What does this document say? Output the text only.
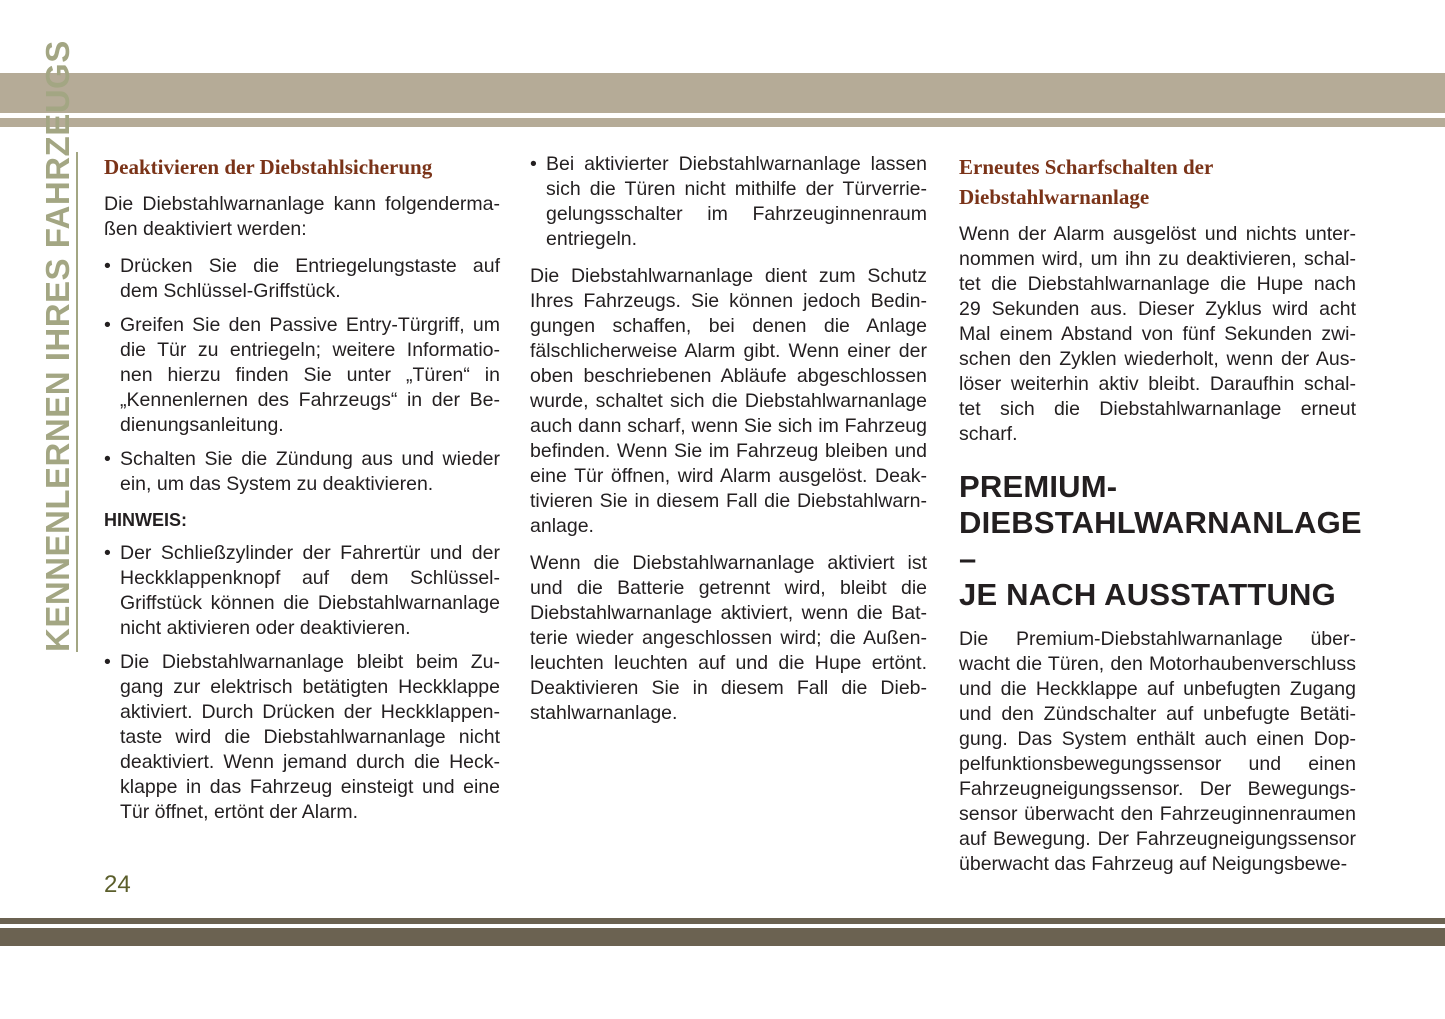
KENNENLERNEN IHRES FAHRZEUGS Deaktivieren der Diebstahlsicherung

Die Diebstahlwarnanlage kann folgenderma-ßen deaktiviert werden:

• Drücken Sie die Entriegelungstaste auf dem Schlüssel-Griffstück.
• Greifen Sie den Passive Entry-Türgriff, um die Tür zu entriegeln; weitere Informatio-nen hierzu finden Sie unter „Türen“ in „Kennenlernen des Fahrzeugs“ in der Be-dienungsanleitung.
• Schalten Sie die Zündung aus und wieder ein, um das System zu deaktivieren.
HINWEIS:
• Der Schließzylinder der Fahrertür und der Heckklappenknopf auf dem Schlüssel-Griffstück können die Diebstahlwarnanlage nicht aktivieren oder deaktivieren.
• Die Diebstahlwarnanlage bleibt beim Zu-gang zur elektrisch betätigten Heckklappe aktiviert. Durch Drücken der Heckklappen-taste wird die Diebstahlwarnanlage nicht deaktiviert. Wenn jemand durch die Heck-klappe in das Fahrzeug einsteigt und eine Tür öffnet, ertönt der Alarm.
• Bei aktivierter Diebstahlwarnanlage lassen sich die Türen nicht mithilfe der Türverrie-gelungsschalter im Fahrzeuginnenraum entriegeln.

Die Diebstahlwarnanlage dient zum Schutz Ihres Fahrzeugs. Sie können jedoch Bedin-gungen schaffen, bei denen die Anlage fälschlicherweise Alarm gibt. Wenn einer der oben beschriebenen Abläufe abgeschlossen wurde, schaltet sich die Diebstahlwarnanlage auch dann scharf, wenn Sie sich im Fahrzeug befinden. Wenn Sie im Fahrzeug bleiben und eine Tür öffnen, wird Alarm ausgelöst. Deak-tivieren Sie in diesem Fall die Diebstahlwarn-anlage.

Wenn die Diebstahlwarnanlage aktiviert ist und die Batterie getrennt wird, bleibt die Diebstahlwarnanlage aktiviert, wenn die Bat-terie wieder angeschlossen wird; die Außen-leuchten leuchten auf und die Hupe ertönt. Deaktivieren Sie in diesem Fall die Dieb-stahlwarnanlage.

Erneutes Scharfschalten der Diebstahlwarnanlage

Wenn der Alarm ausgelöst und nichts unter-nommen wird, um ihn zu deaktivieren, schal-tet die Diebstahlwarnanlage die Hupe nach 29 Sekunden aus. Dieser Zyklus wird acht Mal einem Abstand von fünf Sekunden zwi-schen den Zyklen wiederholt, wenn der Aus-löser weiterhin aktiv bleibt. Daraufhin schal-tet sich die Diebstahlwarnanlage erneut scharf.

PREMIUM-
DIEBSTAHLWARNANLAGE –
JE NACH AUSSTATTUNG

Die Premium-Diebstahlwarnanlage über-wacht die Türen, den Motorhaubenverschluss und die Heckklappe auf unbefugten Zugang und den Zündschalter auf unbefugte Betäti-gung. Das System enthält auch einen Dop-pelfunktionsbewegungssensor und einen Fahrzeugneigungssensor. Der Bewegungs-sensor überwacht den Fahrzeuginnenraumen auf Bewegung. Der Fahrzeugneigungssensor überwacht das Fahrzeug auf Neigungsbewe-

24
